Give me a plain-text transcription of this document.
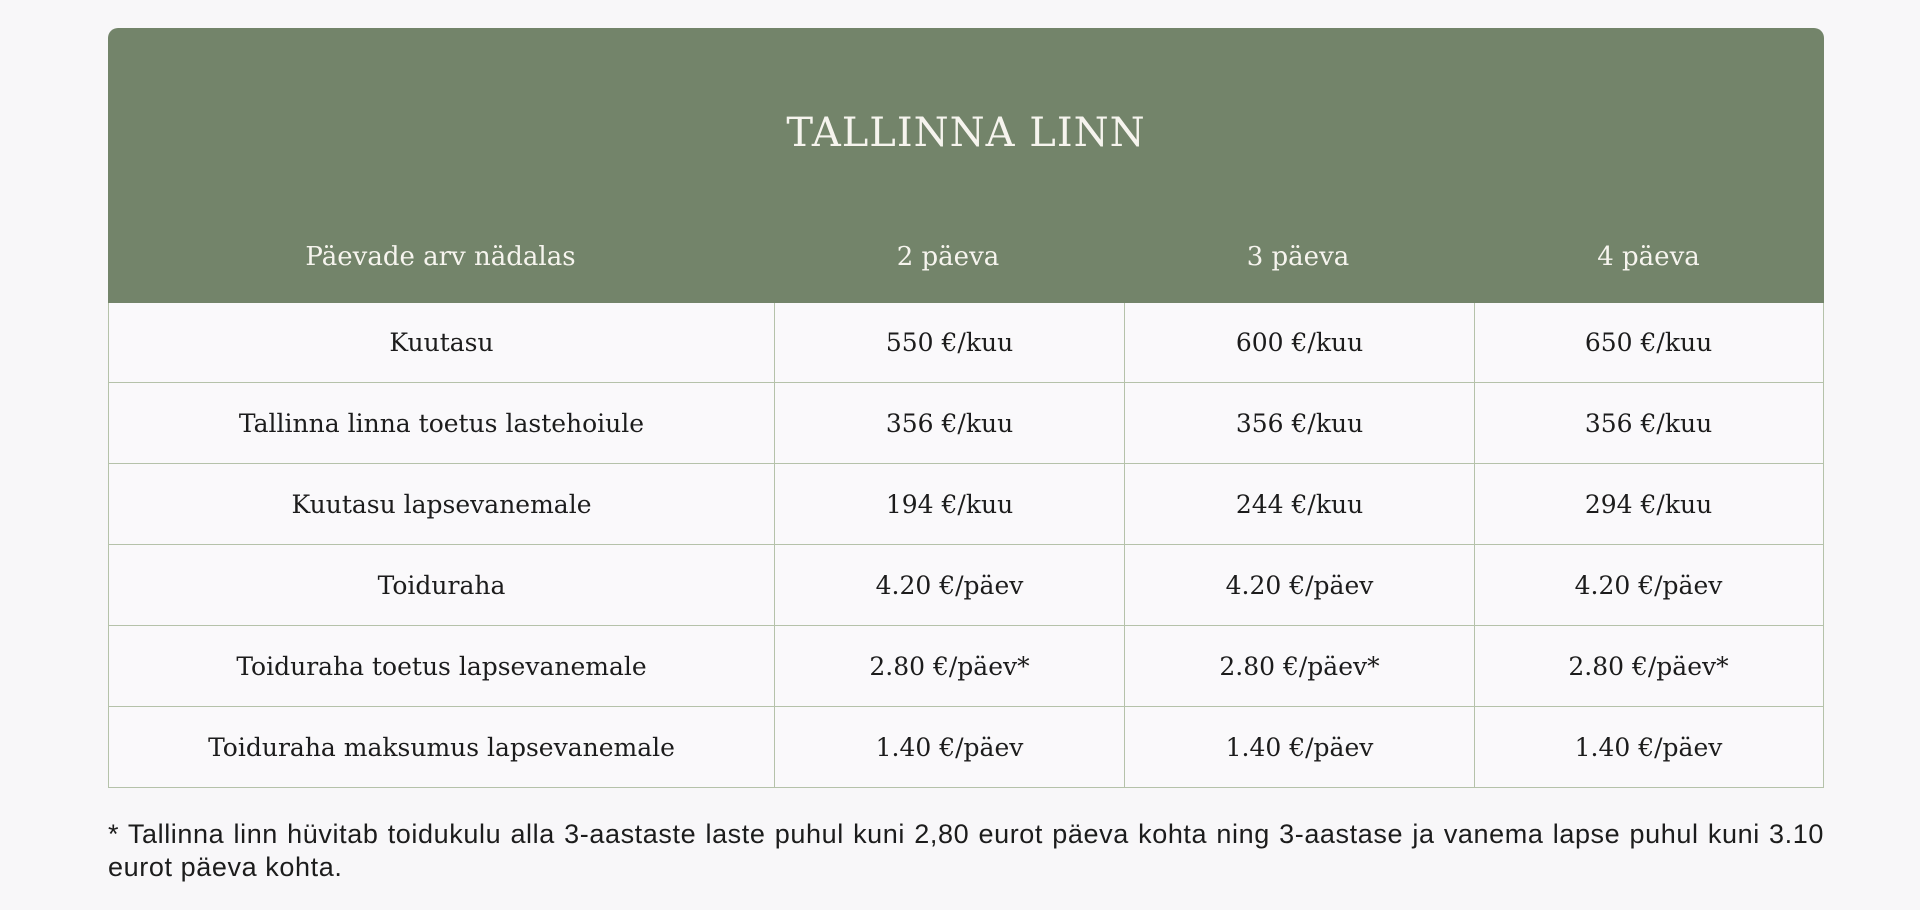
TALLINNA LINN
Päevade arv nädalas	2 päeva	3 päeva	4 päeva
Kuutasu	550 €/kuu	600 €/kuu	650 €/kuu
Tallinna linna toetus lastehoiule	356 €/kuu	356 €/kuu	356 €/kuu
Kuutasu lapsevanemale	194 €/kuu	244 €/kuu	294 €/kuu
Toiduraha	4.20 €/päev	4.20 €/päev	4.20 €/päev
Toiduraha toetus lapsevanemale	2.80 €/päev*	2.80 €/päev*	2.80 €/päev*
Toiduraha maksumus lapsevanemale	1.40 €/päev	1.40 €/päev	1.40 €/päev
* Tallinna linn hüvitab toidukulu alla 3-aastaste laste puhul kuni 2,80 eurot päeva kohta ning 3-aastase ja vanema lapse puhul kuni 3.10 eurot päeva kohta.
